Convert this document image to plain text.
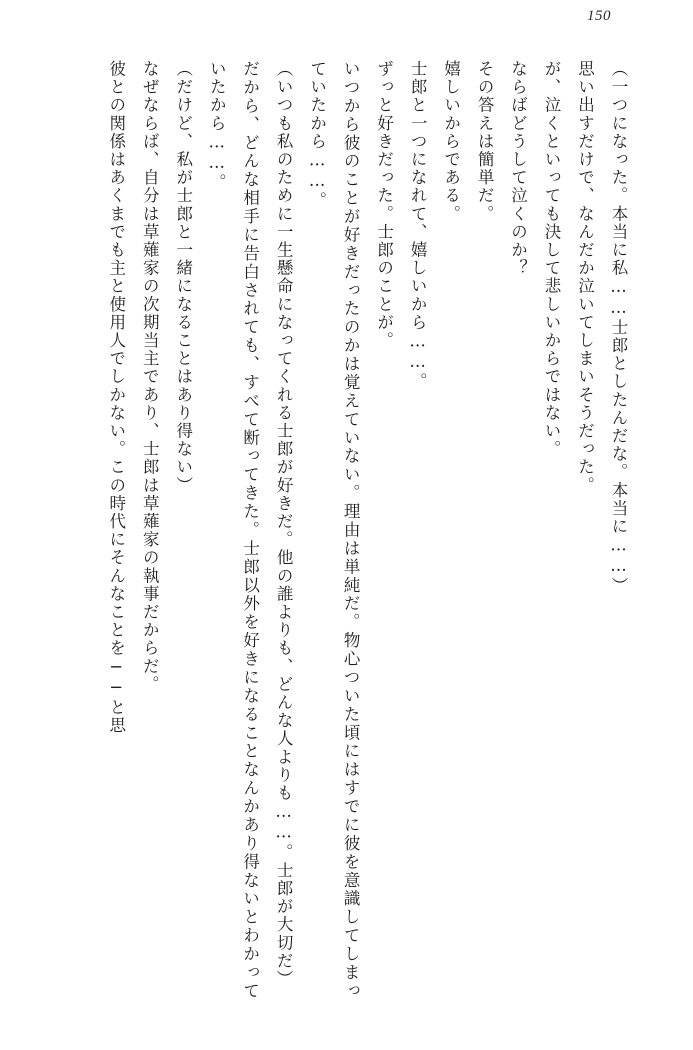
150

（一つになった。本当に私……士郎としたんだな。本当に……）

思い出すだけで、なんだか泣いてしまいそうだった。

が、泣くといっても決して悲しいからではない。

ならばどうして泣くのか？

その答えは簡単だ。

嬉しいからである。

士郎と一つになれて、嬉しいから……。

ずっと好きだった。士郎のことが。

いつから彼のことが好きだったのかは覚えていない。理由は単純だ。物心ついた頃にはすでに彼を意識してしまっていたから……。

（いつも私のために一生懸命になってくれる士郎が好きだ。他の誰よりも、どんな人よりも……。士郎が大切だ）

だから、どんな相手に告白されても、すべて断ってきた。士郎以外を好きになることなんかあり得ないとわかっていたから……。

（だけど、私が士郎と一緒になることはあり得ない）

なぜならば、自分は草薙家の次期当主であり、士郎は草薙家の執事だからだ。

彼との関係はあくまでも主と使用人でしかない。この時代にそんなことを──と思
